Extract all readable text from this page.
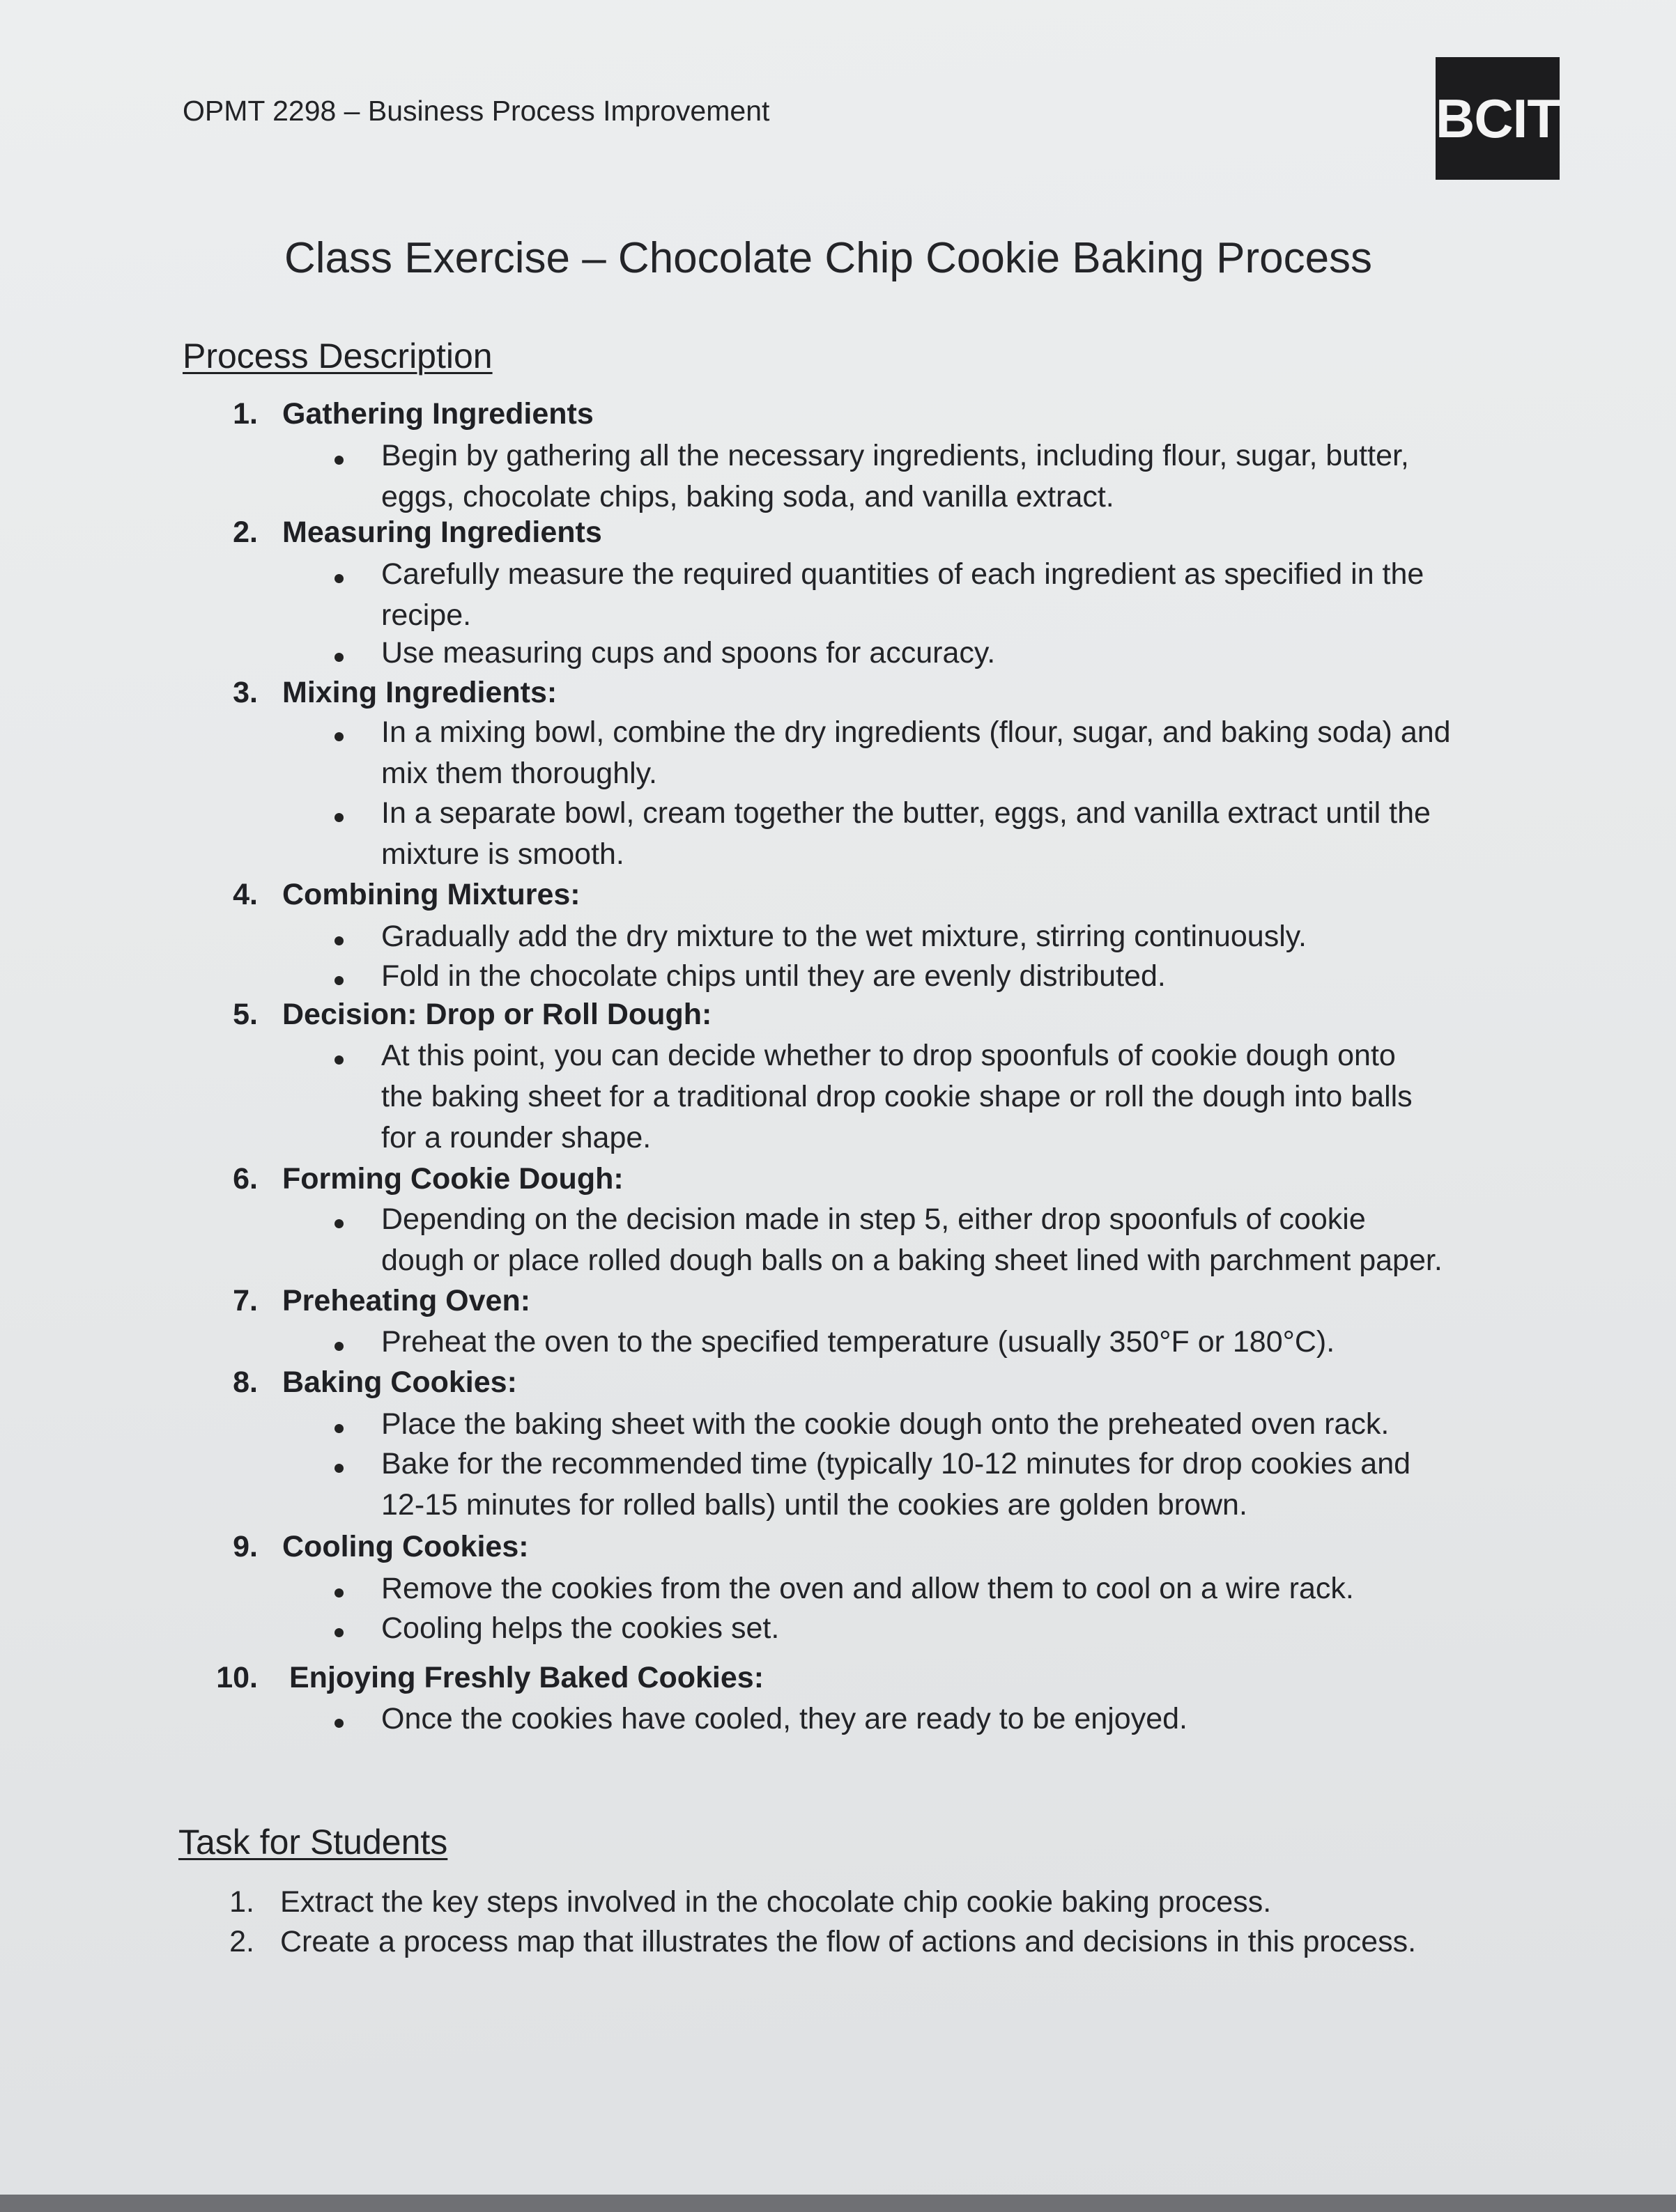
OPMT 2298 – Business Process Improvement	BCIT
Class Exercise – Chocolate Chip Cookie Baking Process
Process Description
1. Gathering Ingredients
Begin by gathering all the necessary ingredients, including flour, sugar, butter,
eggs, chocolate chips, baking soda, and vanilla extract.
2. Measuring Ingredients
Carefully measure the required quantities of each ingredient as specified in the
recipe.
Use measuring cups and spoons for accuracy.
3. Mixing Ingredients:
In a mixing bowl, combine the dry ingredients (flour, sugar, and baking soda) and
mix them thoroughly.
In a separate bowl, cream together the butter, eggs, and vanilla extract until the
mixture is smooth.
4. Combining Mixtures:
Gradually add the dry mixture to the wet mixture, stirring continuously.
Fold in the chocolate chips until they are evenly distributed.
5. Decision: Drop or Roll Dough:
At this point, you can decide whether to drop spoonfuls of cookie dough onto
the baking sheet for a traditional drop cookie shape or roll the dough into balls
for a rounder shape.
6. Forming Cookie Dough:
Depending on the decision made in step 5, either drop spoonfuls of cookie
dough or place rolled dough balls on a baking sheet lined with parchment paper.
7. Preheating Oven:
Preheat the oven to the specified temperature (usually 350°F or 180°C).
8. Baking Cookies:
Place the baking sheet with the cookie dough onto the preheated oven rack.
Bake for the recommended time (typically 10-12 minutes for drop cookies and
12-15 minutes for rolled balls) until the cookies are golden brown.
9. Cooling Cookies:
Remove the cookies from the oven and allow them to cool on a wire rack.
Cooling helps the cookies set.
10. Enjoying Freshly Baked Cookies:
Once the cookies have cooled, they are ready to be enjoyed.
Task for Students
1. Extract the key steps involved in the chocolate chip cookie baking process.
2. Create a process map that illustrates the flow of actions and decisions in this process.
